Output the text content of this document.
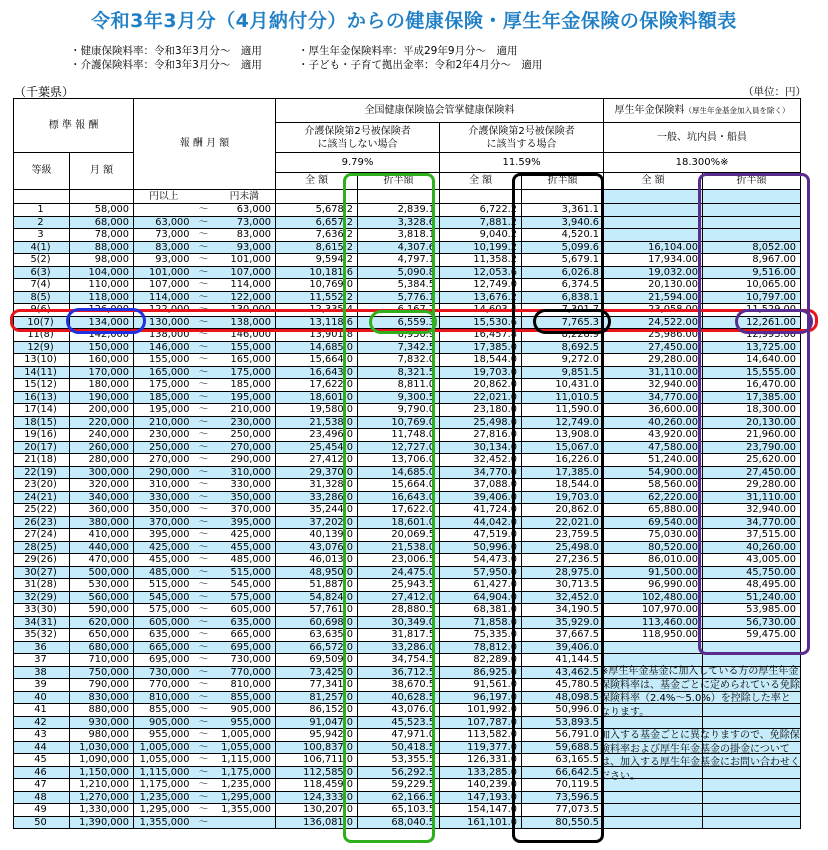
令和3年3月分（4月納付分）からの健康保険・厚生年金保険の保険料額表
・健康保険料率：令和3年3月分～　適用	・厚生年金保険料率：平成29年9月分～　適用
・介護保険料率：令和3年3月分～　適用	・子ども・子育て拠出金率：令和2年4月分～　適用
（千葉県）	（単位：円）
標 準 報 酬		報 酬 月 額			全国健康保険協会管掌健康保険料				厚生年金保険料（厚生年金基金加入員を除く）	
					介護保険第2号被保険者
に該当しない場合		介護保険第2号被保険者
に該当する場合		一般、坑内員・船員	
等級	月 額				9.79%		11.59%		18.300%※	
					全 額	折半額	全 額	折半額	全 額	折半額
		円以上		円未満						
1	58,000		～	63,000	5,678.2	2,839.1	6,722.2	3,361.1		
2	68,000	63,000	～	73,000	6,657.2	3,328.6	7,881.2	3,940.6		
3	78,000	73,000	～	83,000	7,636.2	3,818.1	9,040.2	4,520.1		
4(1)	88,000	83,000	～	93,000	8,615.2	4,307.6	10,199.2	5,099.6	16,104.00	8,052.00
5(2)	98,000	93,000	～	101,000	9,594.2	4,797.1	11,358.2	5,679.1	17,934.00	8,967.00
6(3)	104,000	101,000	～	107,000	10,181.6	5,090.8	12,053.6	6,026.8	19,032.00	9,516.00
7(4)	110,000	107,000	～	114,000	10,769.0	5,384.5	12,749.0	6,374.5	20,130.00	10,065.00
8(5)	118,000	114,000	～	122,000	11,552.2	5,776.1	13,676.2	6,838.1	21,594.00	10,797.00
9(6)	126,000	122,000	～	130,000	12,335.4	6,167.7	14,603.4	7,301.7	23,058.00	11,529.00
10(7)	134,000	130,000	～	138,000	13,118.6	6,559.3	15,530.6	7,765.3	24,522.00	12,261.00
11(8)	142,000	138,000	～	146,000	13,901.8	6,950.9	16,457.8	8,228.9	25,986.00	12,993.00
12(9)	150,000	146,000	～	155,000	14,685.0	7,342.5	17,385.0	8,692.5	27,450.00	13,725.00
13(10)	160,000	155,000	～	165,000	15,664.0	7,832.0	18,544.0	9,272.0	29,280.00	14,640.00
14(11)	170,000	165,000	～	175,000	16,643.0	8,321.5	19,703.0	9,851.5	31,110.00	15,555.00
15(12)	180,000	175,000	～	185,000	17,622.0	8,811.0	20,862.0	10,431.0	32,940.00	16,470.00
16(13)	190,000	185,000	～	195,000	18,601.0	9,300.5	22,021.0	11,010.5	34,770.00	17,385.00
17(14)	200,000	195,000	～	210,000	19,580.0	9,790.0	23,180.0	11,590.0	36,600.00	18,300.00
18(15)	220,000	210,000	～	230,000	21,538.0	10,769.0	25,498.0	12,749.0	40,260.00	20,130.00
19(16)	240,000	230,000	～	250,000	23,496.0	11,748.0	27,816.0	13,908.0	43,920.00	21,960.00
20(17)	260,000	250,000	～	270,000	25,454.0	12,727.0	30,134.0	15,067.0	47,580.00	23,790.00
21(18)	280,000	270,000	～	290,000	27,412.0	13,706.0	32,452.0	16,226.0	51,240.00	25,620.00
22(19)	300,000	290,000	～	310,000	29,370.0	14,685.0	34,770.0	17,385.0	54,900.00	27,450.00
23(20)	320,000	310,000	～	330,000	31,328.0	15,664.0	37,088.0	18,544.0	58,560.00	29,280.00
24(21)	340,000	330,000	～	350,000	33,286.0	16,643.0	39,406.0	19,703.0	62,220.00	31,110.00
25(22)	360,000	350,000	～	370,000	35,244.0	17,622.0	41,724.0	20,862.0	65,880.00	32,940.00
26(23)	380,000	370,000	～	395,000	37,202.0	18,601.0	44,042.0	22,021.0	69,540.00	34,770.00
27(24)	410,000	395,000	～	425,000	40,139.0	20,069.5	47,519.0	23,759.5	75,030.00	37,515.00
28(25)	440,000	425,000	～	455,000	43,076.0	21,538.0	50,996.0	25,498.0	80,520.00	40,260.00
29(26)	470,000	455,000	～	485,000	46,013.0	23,006.5	54,473.0	27,236.5	86,010.00	43,005.00
30(27)	500,000	485,000	～	515,000	48,950.0	24,475.0	57,950.0	28,975.0	91,500.00	45,750.00
31(28)	530,000	515,000	～	545,000	51,887.0	25,943.5	61,427.0	30,713.5	96,990.00	48,495.00
32(29)	560,000	545,000	～	575,000	54,824.0	27,412.0	64,904.0	32,452.0	102,480.00	51,240.00
33(30)	590,000	575,000	～	605,000	57,761.0	28,880.5	68,381.0	34,190.5	107,970.00	53,985.00
34(31)	620,000	605,000	～	635,000	60,698.0	30,349.0	71,858.0	35,929.0	113,460.00	56,730.00
35(32)	650,000	635,000	～	665,000	63,635.0	31,817.5	75,335.0	37,667.5	118,950.00	59,475.00
36	680,000	665,000	～	695,000	66,572.0	33,286.0	78,812.0	39,406.0		
37	710,000	695,000	～	730,000	69,509.0	34,754.5	82,289.0	41,144.5		
38	750,000	730,000	～	770,000	73,425.0	36,712.5	86,925.0	43,462.5		
39	790,000	770,000	～	810,000	77,341.0	38,670.5	91,561.0	45,780.5		
40	830,000	810,000	～	855,000	81,257.0	40,628.5	96,197.0	48,098.5		
41	880,000	855,000	～	905,000	86,152.0	43,076.0	101,992.0	50,996.0		
42	930,000	905,000	～	955,000	91,047.0	45,523.5	107,787.0	53,893.5		
43	980,000	955,000	～	1,005,000	95,942.0	47,971.0	113,582.0	56,791.0		
44	1,030,000	1,005,000	～	1,055,000	100,837.0	50,418.5	119,377.0	59,688.5		
45	1,090,000	1,055,000	～	1,115,000	106,711.0	53,355.5	126,331.0	63,165.5		
46	1,150,000	1,115,000	～	1,175,000	112,585.0	56,292.5	133,285.0	66,642.5		
47	1,210,000	1,175,000	～	1,235,000	118,459.0	59,229.5	140,239.0	70,119.5		
48	1,270,000	1,235,000	～	1,295,000	124,333.0	62,166.5	147,193.0	73,596.5		
49	1,330,000	1,295,000	～	1,355,000	130,207.0	65,103.5	154,147.0	77,073.5		
50	1,390,000	1,355,000	～		136,081.0	68,040.5	161,101.0	80,550.5		

※厚生年金基金に加入している方の厚生年金保険料率は、基金ごとに定められている免除保険料率（2.4%～5.0%）を控除した率となります。

加入する基金ごとに異なりますので、免除保険料率および厚生年金基金の掛金については、加入する厚生年金基金にお問い合わせください。
